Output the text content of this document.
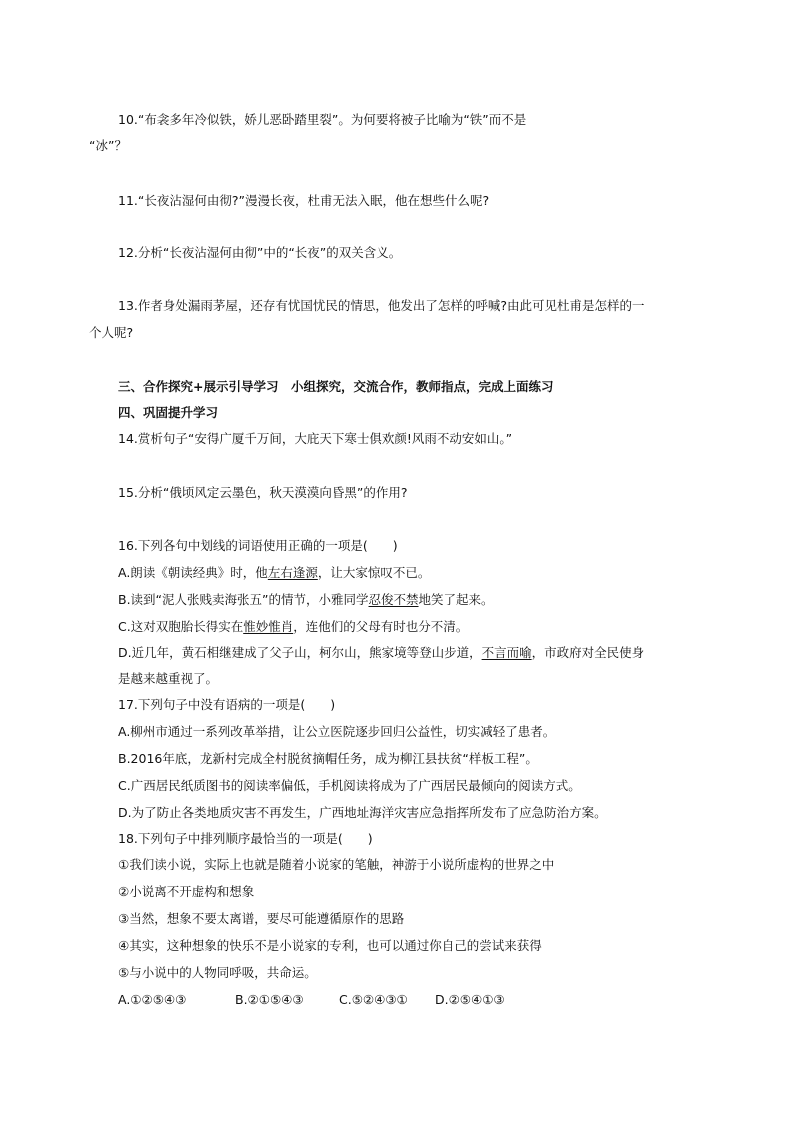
10.“布衾多年冷似铁，娇儿恶卧踏里裂”。为何要将被子比喻为“铁”而不是
“冰”？
11.“长夜沾湿何由彻?”漫漫长夜，杜甫无法入眠，他在想些什么呢?
12.分析“长夜沾湿何由彻”中的“长夜”的双关含义。
13.作者身处漏雨茅屋，还存有忧国忧民的情思，他发出了怎样的呼喊?由此可见杜甫是怎样的一
个人呢?
三、合作探究+展示引导学习　小组探究，交流合作，教师指点，完成上面练习
四、巩固提升学习
14.赏析句子“安得广厦千万间，大庇天下寒士俱欢颜!风雨不动安如山。”
15.分析“俄顷风定云墨色，秋天漠漠向昏黑”的作用?
16.下列各句中划线的词语使用正确的一项是(　　)
A.朗读《朝读经典》时，他左右逢源，让大家惊叹不已。
B.读到“泥人张贱卖海张五”的情节，小雅同学忍俊不禁地笑了起来。
C.这对双胞胎长得实在惟妙惟肖，连他们的父母有时也分不清。
D.近几年，黄石相继建成了父子山，柯尔山，熊家境等登山步道，不言而喻，市政府对全民使身
是越来越重视了。
17.下列句子中没有语病的一项是(　　)
A.柳州市通过一系列改革举措，让公立医院逐步回归公益性，切实减轻了患者。
B.2016年底，龙新村完成全村脱贫摘帽任务，成为柳江县扶贫“样板工程”。
C.广西居民纸质图书的阅读率偏低，手机阅读将成为了广西居民最倾向的阅读方式。
D.为了防止各类地质灾害不再发生，广西地址海洋灾害应急指挥所发布了应急防治方案。
18.下列句子中排列顺序最恰当的一项是(　　)
①我们读小说，实际上也就是随着小说家的笔触，神游于小说所虚构的世界之中
②小说离不开虚构和想象
③当然，想象不要太离谱，要尽可能遵循原作的思路
④其实，这种想象的快乐不是小说家的专利，也可以通过你自己的尝试来获得
⑤与小说中的人物同呼吸，共命运。
A.①②⑤④③	B.②①⑤④③	C.⑤②④③① D.②⑤④①③
